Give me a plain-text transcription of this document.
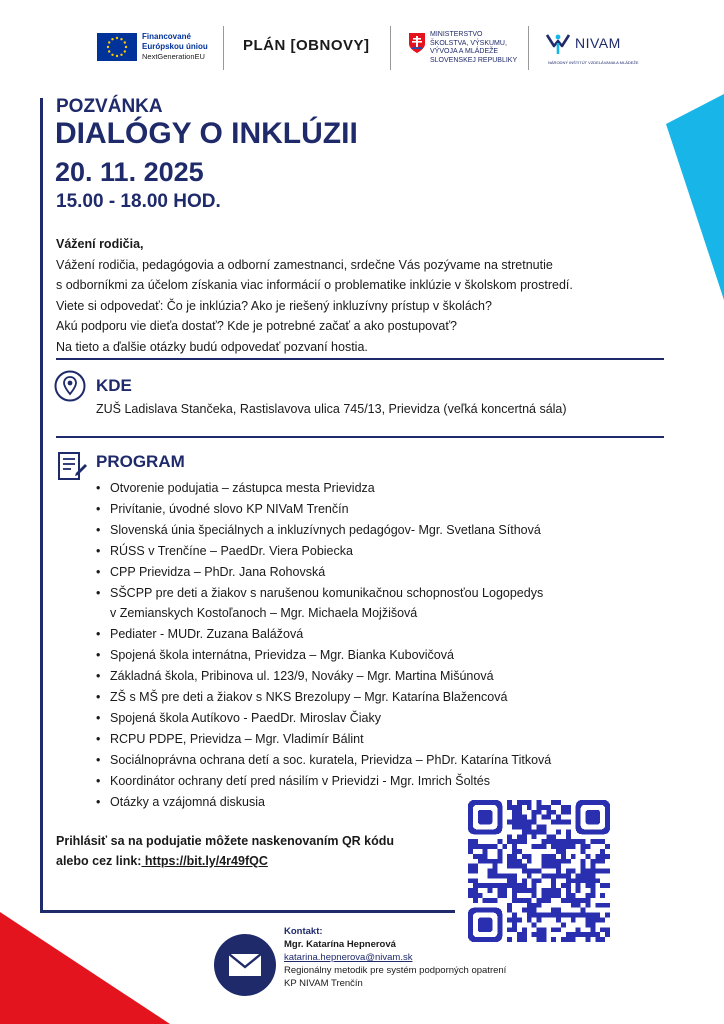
Financované
Európskou úniou
NextGenerationEU
PLÁN [OBNOVY]
MINISTERSTVO
ŠKOLSTVA, VÝSKUMU,
VÝVOJA A MLÁDEŽE
SLOVENSKEJ REPUBLIKY
NIVAM
NÁRODNÝ INŠTITÚT VZDELÁVANIA A MLÁDEŽE
POZVÁNKA
DIALÓGY O INKLÚZII
20. 11. 2025
15.00 - 18.00 HOD.
Vážení rodičia,
Vážení rodičia, pedagógovia a odborní zamestnanci, srdečne Vás pozývame na stretnutie
s odborníkmi za účelom získania viac informácií o problematike inklúzie v školskom prostredí.
Viete si odpovedať: Čo je inklúzia? Ako je riešený inkluzívny prístup v školách?
Akú podporu vie dieťa dostať? Kde je potrebné začať a ako postupovať?
Na tieto a ďalšie otázky budú odpovedať pozvaní hostia.
KDE
ZUŠ Ladislava Stančeka, Rastislavova ulica 745/13, Prievidza (veľká koncertná sála)
PROGRAM
• Otvorenie podujatia – zástupca mesta Prievidza
• Privítanie, úvodné slovo KP NIVaM Trenčín
• Slovenská únia špeciálnych a inkluzívnych pedagógov- Mgr. Svetlana Síthová
• RÚSS v Trenčíne – PaedDr. Viera Pobiecka
• CPP Prievidza – PhDr. Jana Rohovská
• SŠCPP pre deti a žiakov s narušenou komunikačnou schopnosťou Logopedys
v Zemianskych Kostoľanoch – Mgr. Michaela Mojžišová
• Pediater - MUDr. Zuzana Balážová
• Spojená škola internátna, Prievidza – Mgr. Bianka Kubovičová
• Základná škola, Pribinova ul. 123/9, Nováky – Mgr. Martina Mišúnová
• ZŠ s MŠ pre deti a žiakov s NKS Brezolupy – Mgr. Katarína Blažencová
• Spojená škola Autíkovo - PaedDr. Miroslav Čiaky
• RCPU PDPE, Prievidza – Mgr. Vladimír Bálint
• Sociálnoprávna ochrana detí a soc. kuratela, Prievidza – PhDr. Katarína Titková
• Koordinátor ochrany detí pred násilím v Prievidzi - Mgr. Imrich Šoltés
• Otázky a vzájomná diskusia
Prihlásiť sa na podujatie môžete naskenovaním QR kódu
alebo cez link: https://bit.ly/4r49fQC
Kontakt:
Mgr. Katarína Hepnerová
katarina.hepnerova@nivam.sk
Regionálny metodik pre systém podporných opatrení
KP NIVAM Trenčín
